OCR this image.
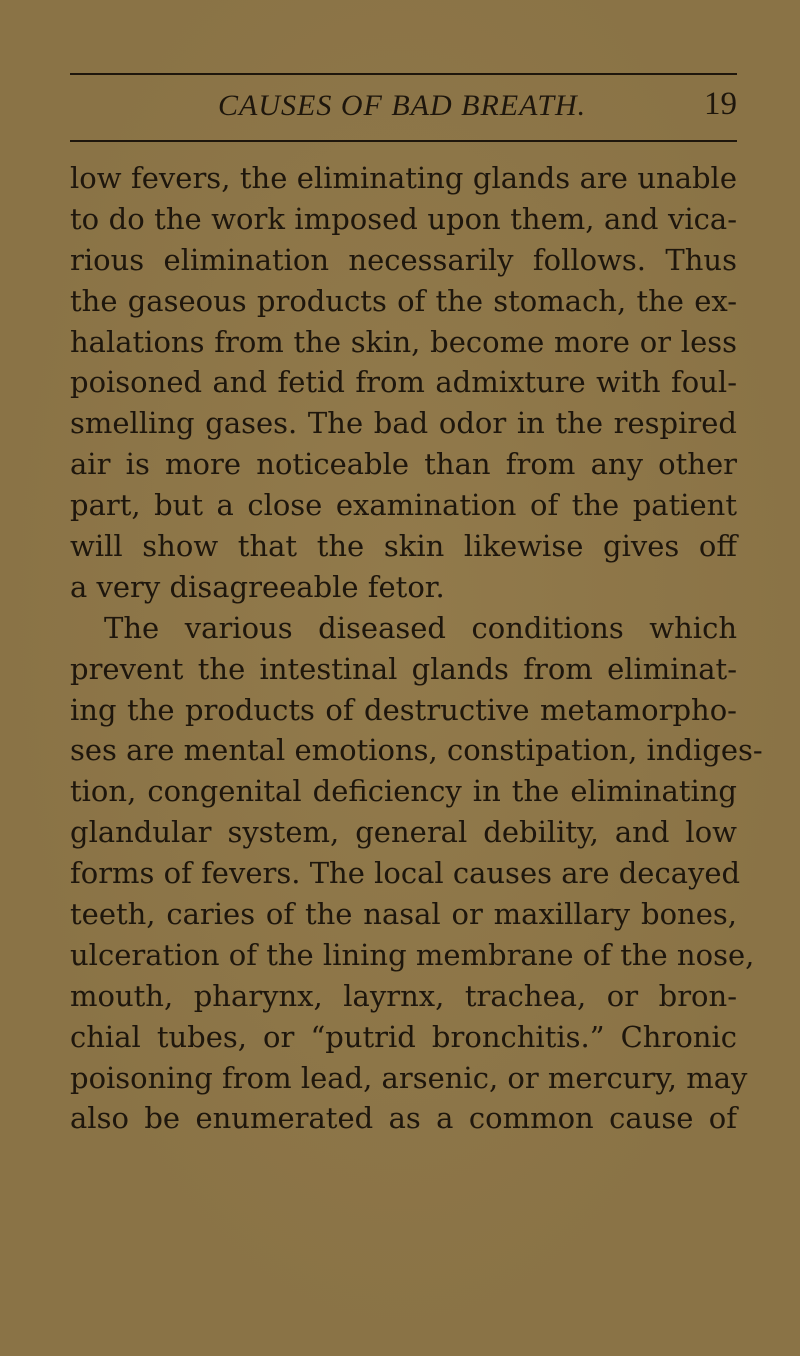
CAUSES OF BAD BREATH.	19
low fevers, the eliminating glands are unable
to do the work imposed upon them, and vica-
rious elimination necessarily follows. Thus
the gaseous products of the stomach, the ex-
halations from the skin, become more or less
poisoned and fetid from admixture with foul-
smelling gases. The bad odor in the respired
air is more noticeable than from any other
part, but a close examination of the patient
will show that the skin likewise gives off
a very disagreeable fetor.
The various diseased conditions which
prevent the intestinal glands from eliminat-
ing the products of destructive metamorpho-
ses are mental emotions, constipation, indiges-
tion, congenital deficiency in the eliminating
glandular system, general debility, and low
forms of fevers. The local causes are decayed
teeth, caries of the nasal or maxillary bones,
ulceration of the lining membrane of the nose,
mouth, pharynx, layrnx, trachea, or bron-
chial tubes, or “putrid bronchitis.” Chronic
poisoning from lead, arsenic, or mercury, may
also be enumerated as a common cause of
